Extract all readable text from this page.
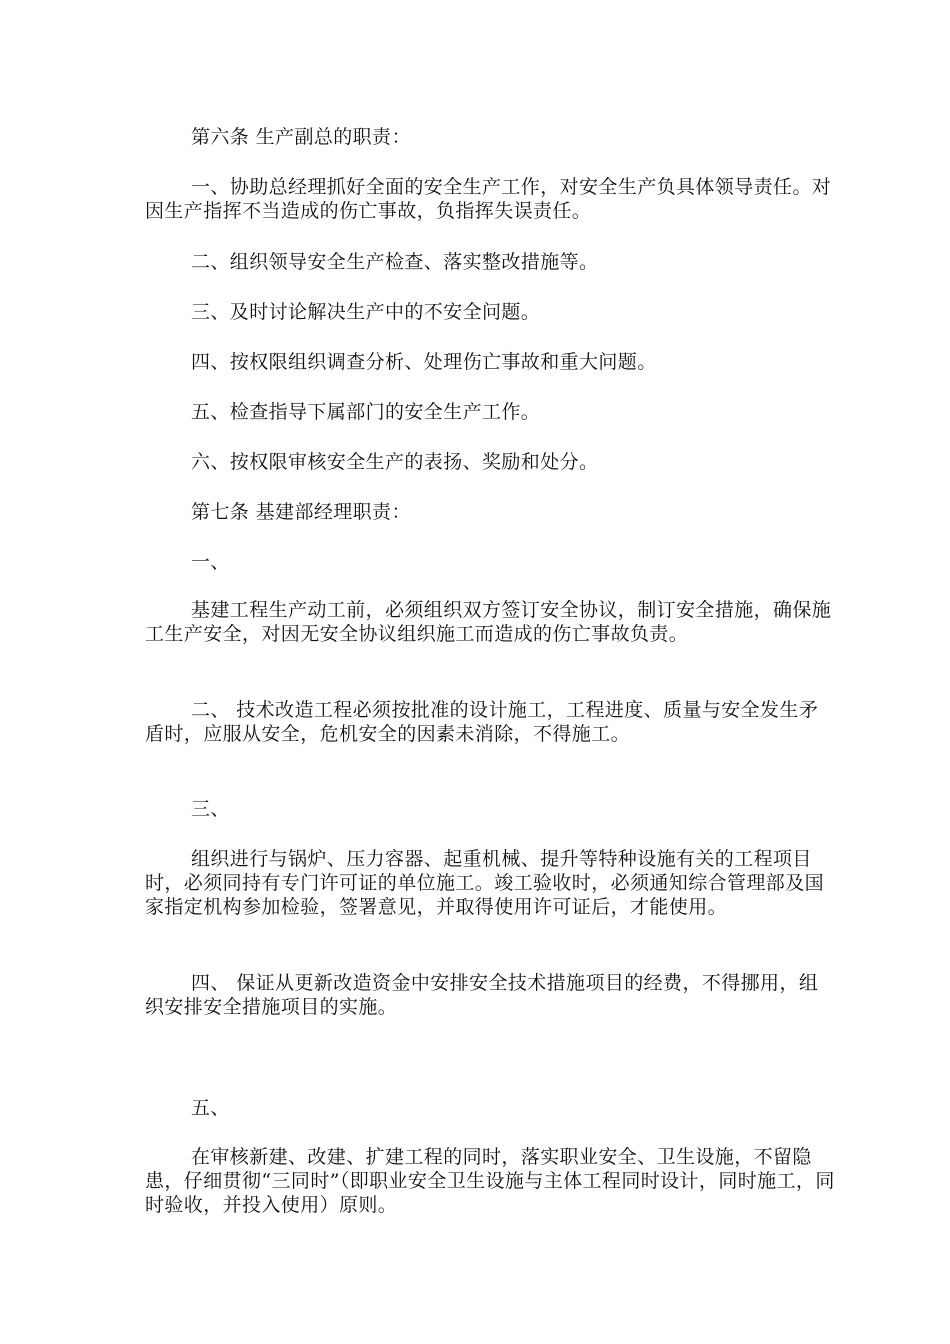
第六条 生产副总的职责：

一、协助总经理抓好全面的安全生产工作，对安全生产负具体领导责任。对因生产指挥不当造成的伤亡事故，负指挥失误责任。

二、组织领导安全生产检查、落实整改措施等。

三、及时讨论解决生产中的不安全问题。

四、按权限组织调查分析、处理伤亡事故和重大问题。

五、检查指导下属部门的安全生产工作。

六、按权限审核安全生产的表扬、奖励和处分。

第七条 基建部经理职责：

一、

基建工程生产动工前，必须组织双方签订安全协议，制订安全措施，确保施工生产安全，对因无安全协议组织施工而造成的伤亡事故负责。

二、 技术改造工程必须按批准的设计施工，工程进度、质量与安全发生矛盾时，应服从安全，危机安全的因素未消除，不得施工。

三、

组织进行与锅炉、压力容器、起重机械、提升等特种设施有关的工程项目时，必须同持有专门许可证的单位施工。竣工验收时，必须通知综合管理部及国家指定机构参加检验，签署意见，并取得使用许可证后，才能使用。

四、 保证从更新改造资金中安排安全技术措施项目的经费，不得挪用，组织安排安全措施项目的实施。

五、

在审核新建、改建、扩建工程的同时，落实职业安全、卫生设施，不留隐患，仔细贯彻“三同时”（即职业安全卫生设施与主体工程同时设计，同时施工，同时验收，并投入使用）原则。
